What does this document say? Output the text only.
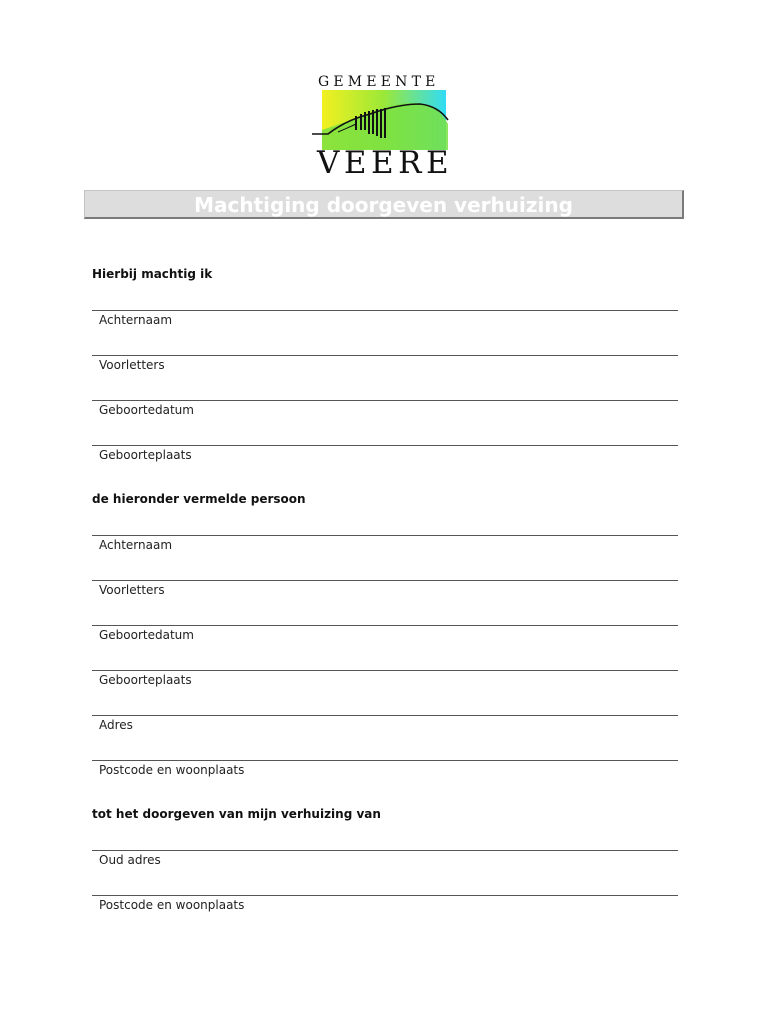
GEMEENTE
VEERE
Machtiging doorgeven verhuizing
Hierbij machtig ik
Achternaam
Voorletters
Geboortedatum
Geboorteplaats
de hieronder vermelde persoon
Achternaam
Voorletters
Geboortedatum
Geboorteplaats
Adres
Postcode en woonplaats
tot het doorgeven van mijn verhuizing van
Oud adres
Postcode en woonplaats
